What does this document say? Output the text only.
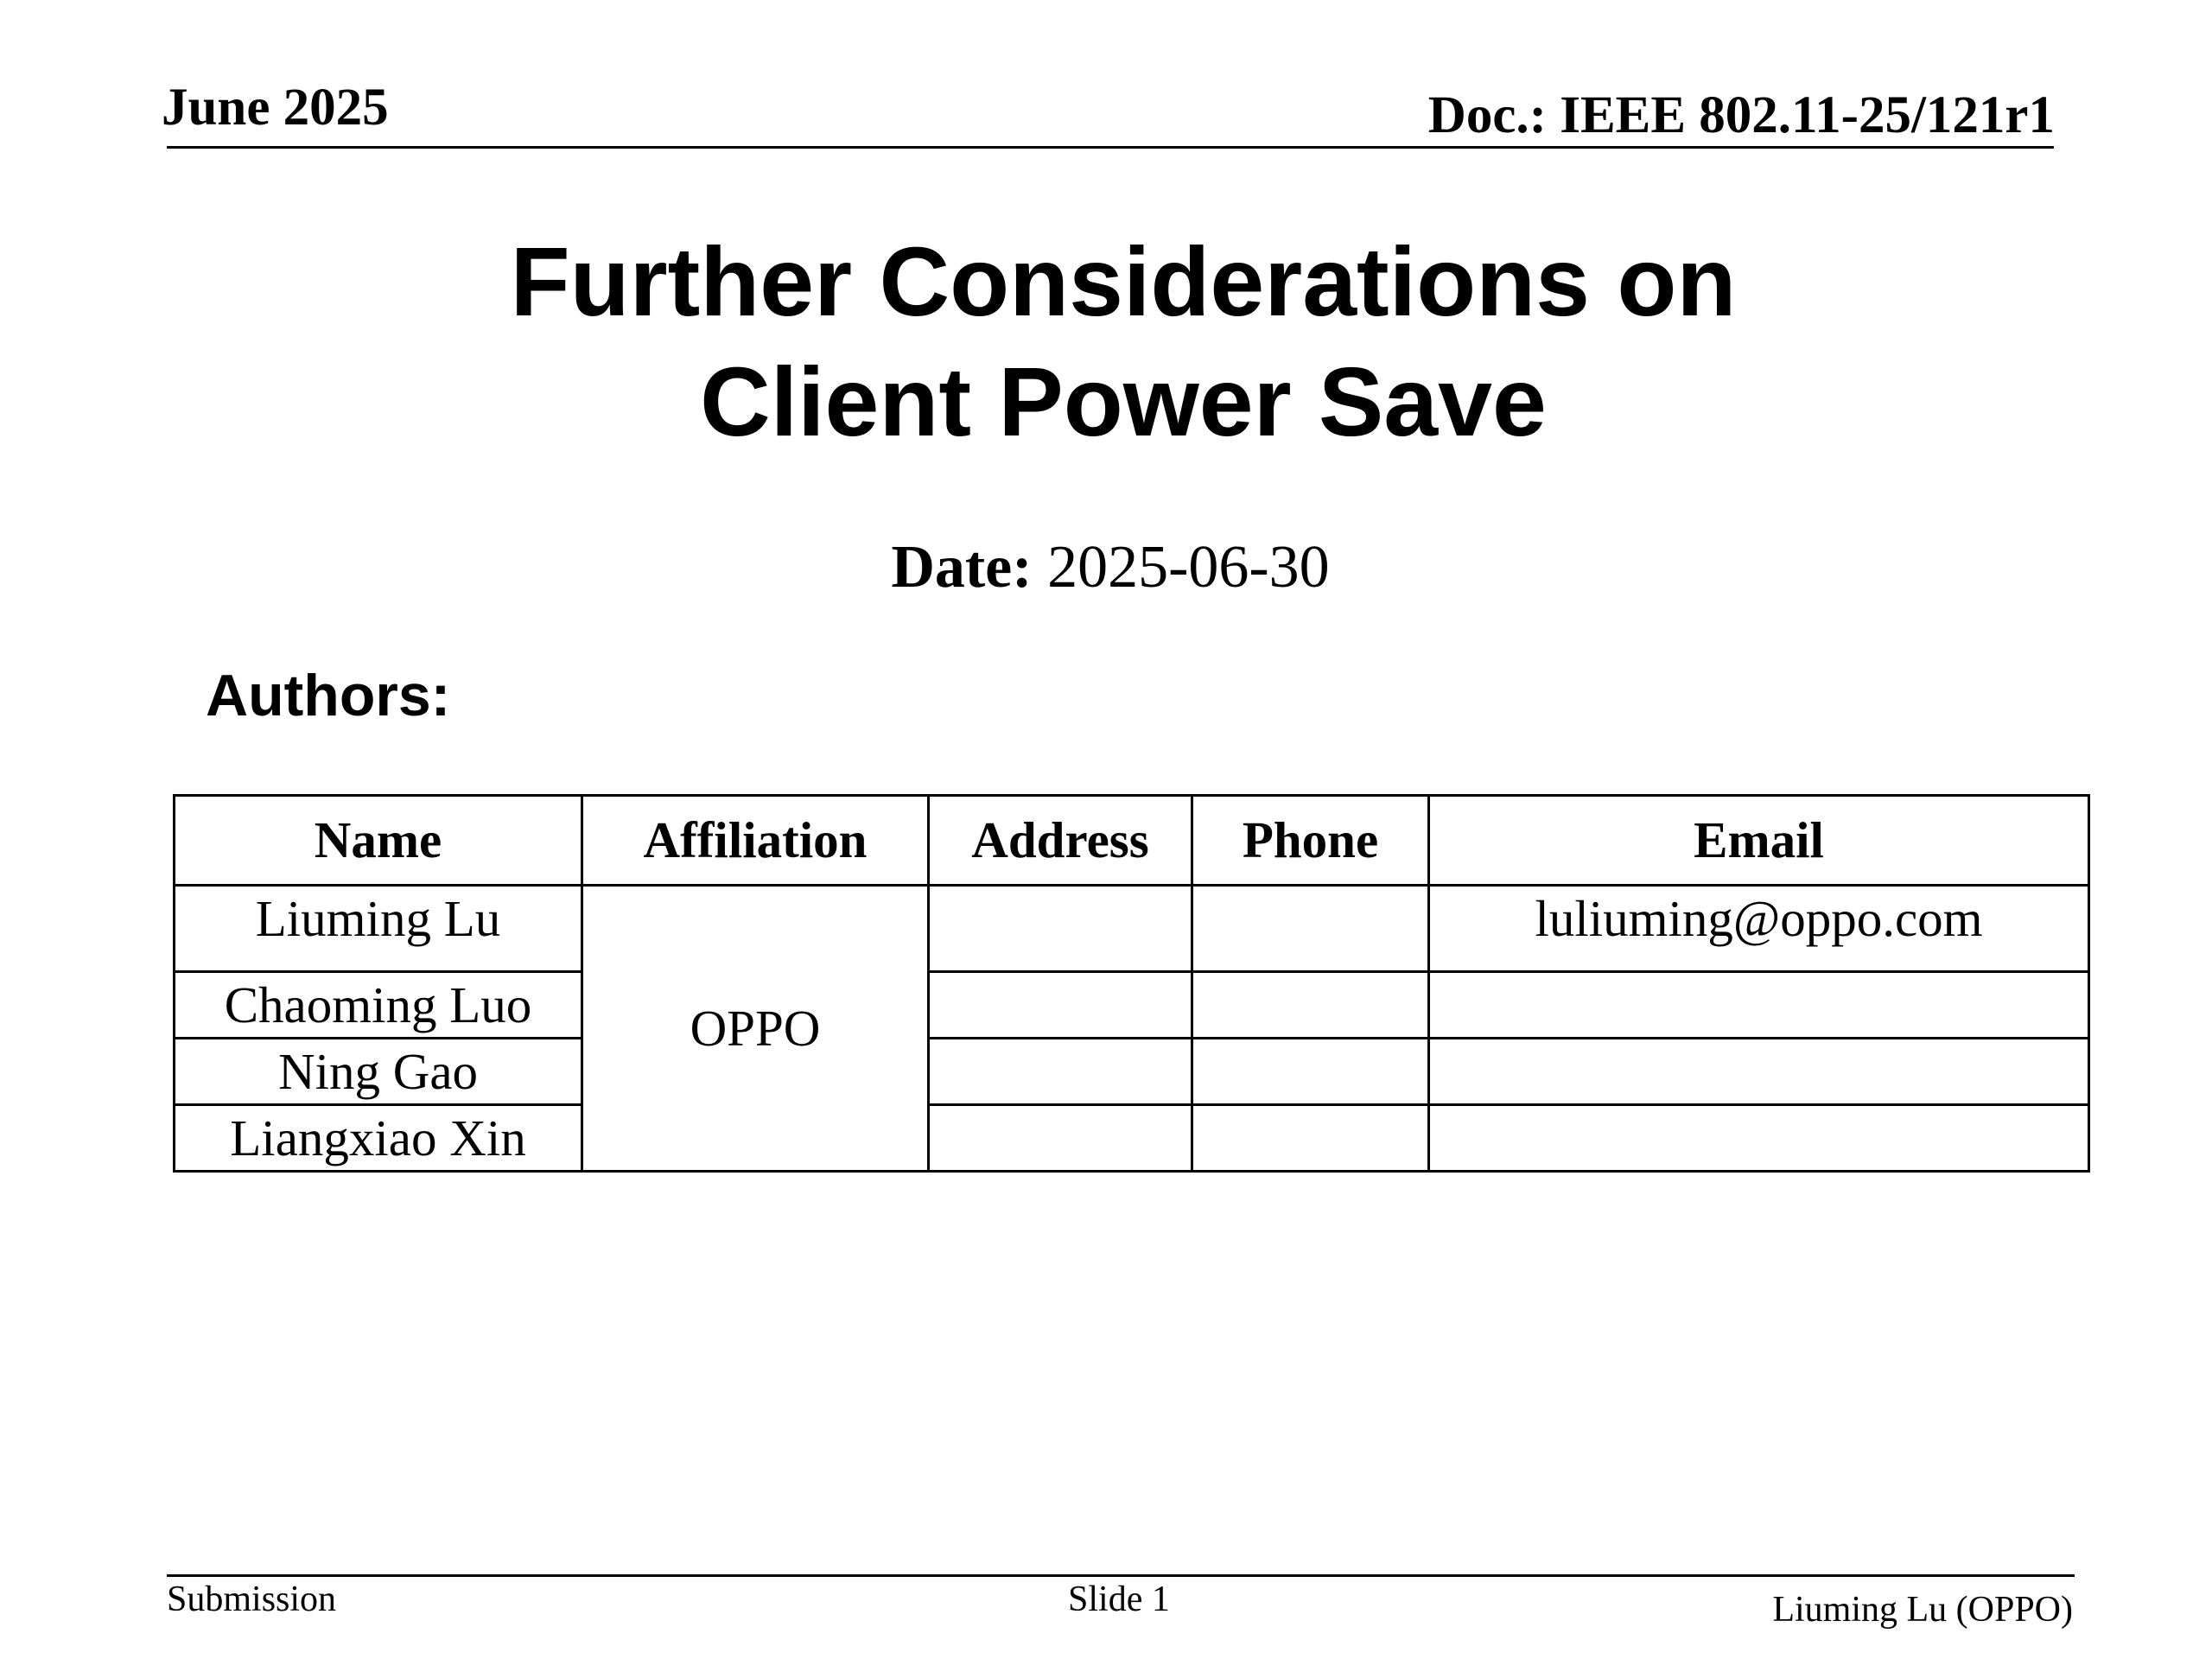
June 2025	Doc.: IEEE 802.11-25/121r1
Further Considerations on
Client Power Save
Date: 2025-06-30
Authors:
Name	Affiliation	Address	Phone	Email
Liuming Lu	OPPO			luliuming@oppo.com
Chaoming Luo				
Ning Gao				
Liangxiao Xin				
Submission	Slide 1	Liuming Lu (OPPO)
